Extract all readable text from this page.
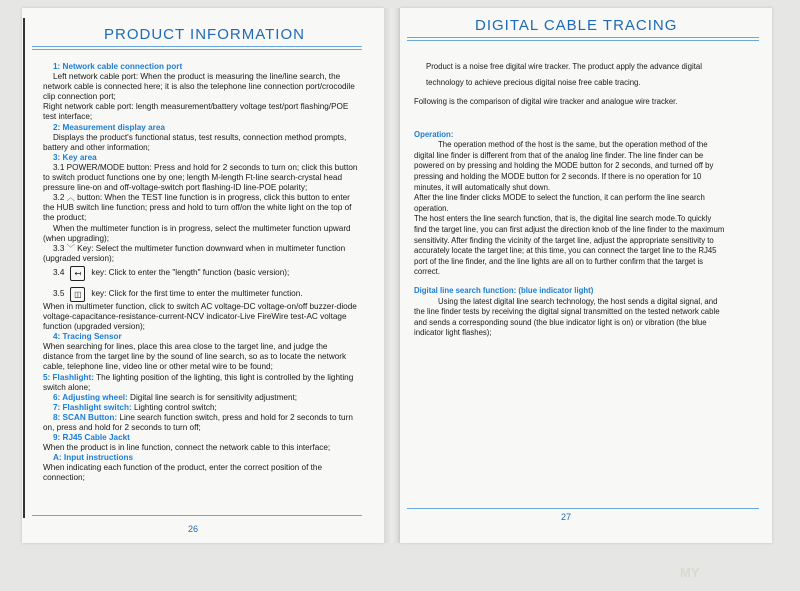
PRODUCT INFORMATION

1: Network cable connection port

Left network cable port: When the product is measuring the line/line search, the network cable is connected here; it is also the telephone line connection port/crocodile clip connection port;

Right network cable port: length measurement/battery voltage test/port flashing/POE test interface;

2: Measurement display area

Displays the product's functional status, test results, connection method prompts, battery and other information;

3: Key area

3.1 POWER/MODE button: Press and hold for 2 seconds to turn on; click this button to switch product functions one by one; length M-length Ft-line search-crystal head pressure line-on and off-voltage-switch port flashing-ID line-POE polarity;

3.2 ︿ button: When the TEST line function is in progress, click this button to enter the HUB switch line function; press and hold to turn off/on the white light on the top of the product;

When the multimeter function is in progress, select the multimeter function upward (when upgrading);

3.3 ﹀ Key: Select the multimeter function downward when in multimeter function (upgraded version);

3.4	↤	key: Click to enter the "length" function (basic version);
3.5	◫	key: Click for the first time to enter the multimeter function.

When in multimeter function, click to switch AC voltage-DC voltage-on/off buzzer-diode voltage-capacitance-resistance-current-NCV indicator-Live FireWire test-AC voltage function (upgraded version);

4: Tracing Sensor

When searching for lines, place this area close to the target line, and judge the distance from the target line by the sound of line search, so as to locate the network cable, telephone line, video line or other metal wire to be found;

5: Flashlight: The lighting position of the lighting, this light is controlled by the lighting switch alone;

6: Adjusting wheel: Digital line search is for sensitivity adjustment;

7: Flashlight switch: Lighting control switch;

8: SCAN Button: Line search function switch, press and hold for 2 seconds to turn on, press and hold for 2 seconds to turn off;

9: RJ45 Cable Jackt

When the product is in line function, connect the network cable to this interface;

A: Input instructions

When indicating each function of the product, enter the correct position of the connection;

26
DIGITAL CABLE TRACING

Product is a noise free digital wire tracker. The product apply the advance digital technology to achieve precious digital noise free cable tracing.

Following is the comparison of digital wire tracker and analogue wire tracker.

Operation:

The operation method of the host is the same, but the operation method of the digital line finder is different from that of the analog line finder. The line finder can be powered on by pressing and holding the MODE button for 2 seconds, and turned off by pressing and holding the MODE button for 2 seconds. If there is no operation for 10 minutes, it will automatically shut down.

After the line finder clicks MODE to select the function, it can perform the line search operation.

The host enters the line search function, that is, the digital line search mode.To quickly find the target line, you can first adjust the direction knob of the line finder to the maximum sensitivity. After finding the vicinity of the target line, adjust the appropriate sensitivity to accurately locate the target line; at this time, you can connect the target line to the RJ45 port of the line finder, and the line lights are all on to further confirm that the target is correct.

Digital line search function: (blue indicator light)

Using the latest digital line search technology, the host sends a digital signal, and the line finder tests by receiving the digital signal transmitted on the tested network cable and sends a corresponding sound (the blue indicator light is on) or vibration (the blue indicator light flashes);

27
MY
